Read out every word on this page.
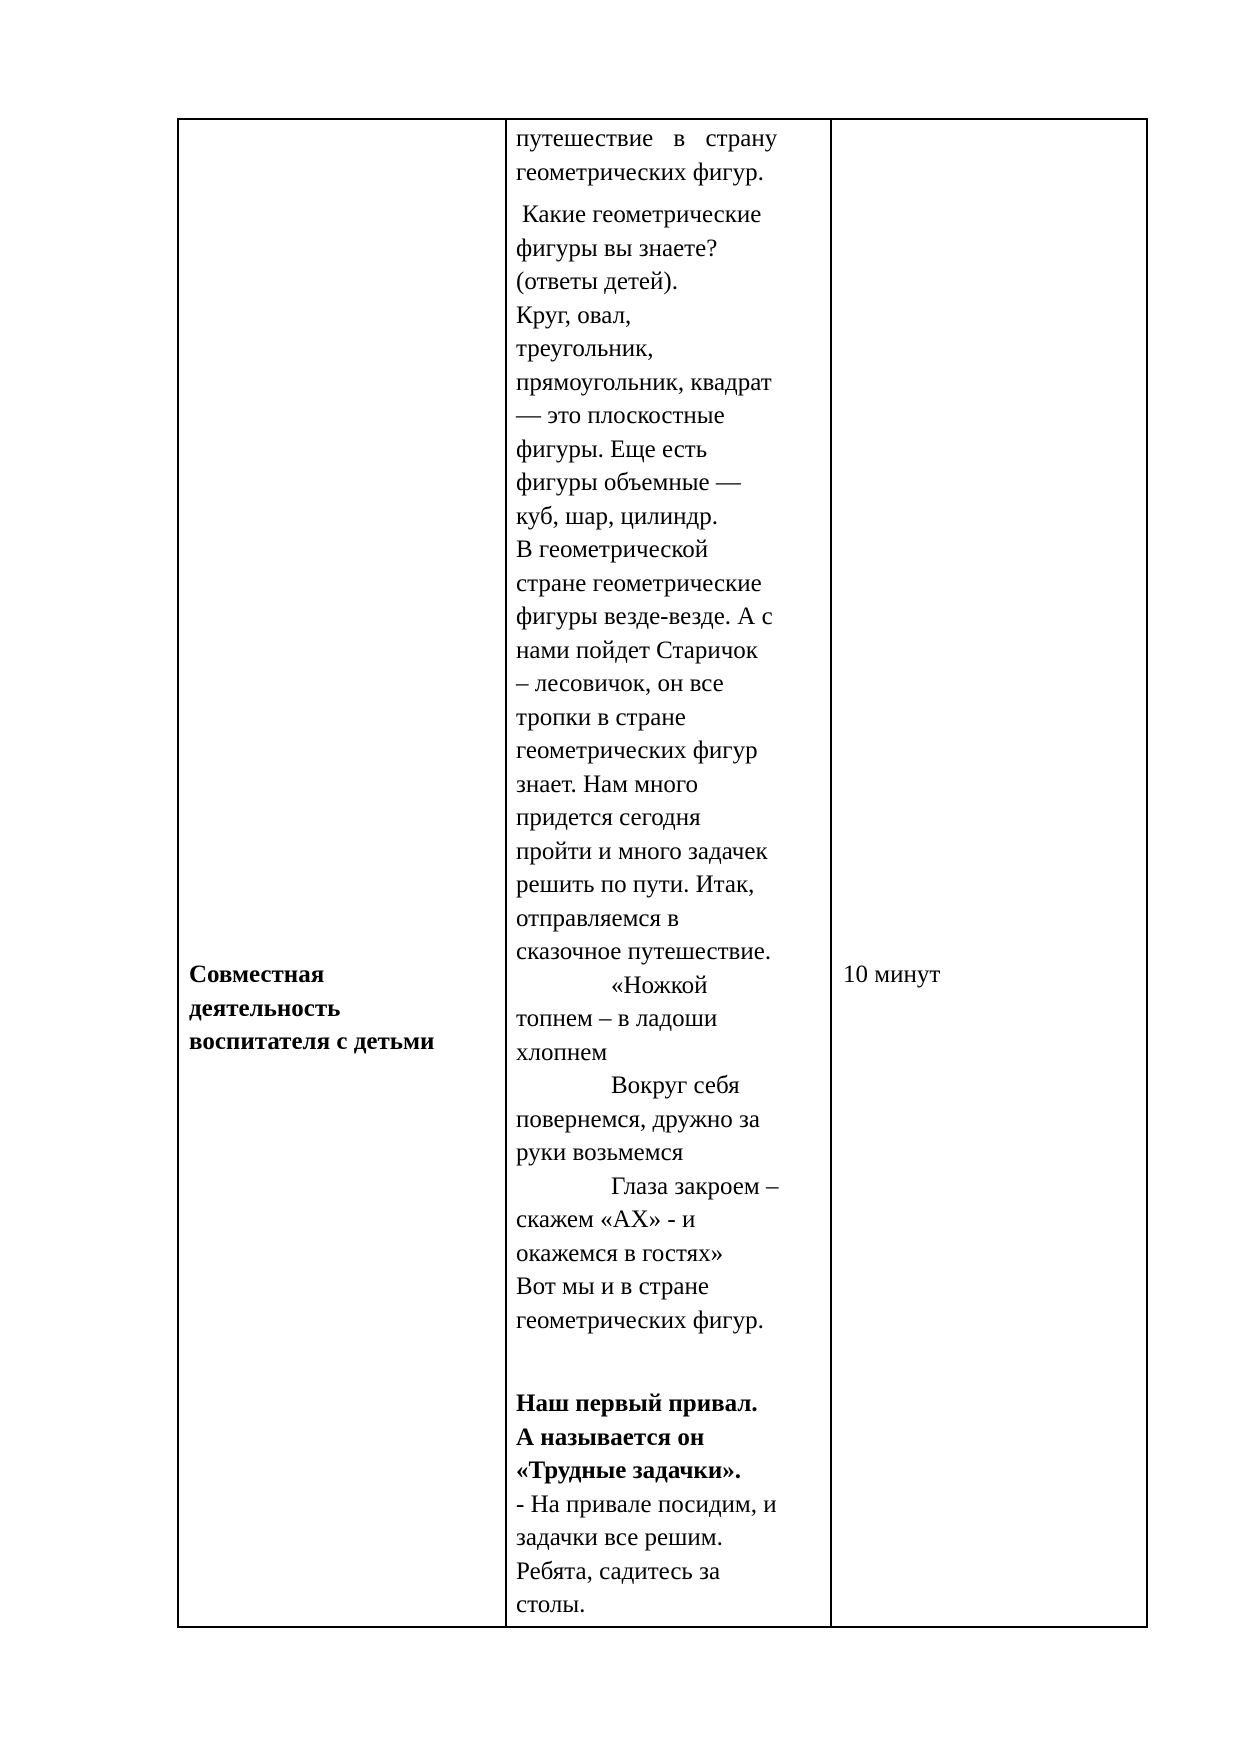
Совместная
деятельность
воспитателя с детьми
путешествие в страну
геометрических фигур.
Какие геометрические
фигуры вы знаете?
(ответы детей).
Круг, овал,
треугольник,
прямоугольник, квадрат
— это плоскостные
фигуры. Еще есть
фигуры объемные —
куб, шар, цилиндр.
В геометрической
стране геометрические
фигуры везде-везде. А с
нами пойдет Старичок
– лесовичок, он все
тропки в стране
геометрических фигур
знает. Нам много
придется сегодня
пройти и много задачек
решить по пути. Итак,
отправляемся в
сказочное путешествие.
«Ножкой
топнем – в ладоши
хлопнем
Вокруг себя
повернемся, дружно за
руки возьмемся
Глаза закроем –
скажем «АХ» - и
окажемся в гостях»
Вот мы и в стране
геометрических фигур.
Наш первый привал.
А называется он
«Трудные задачки».
- На привале посидим, и
задачки все решим.
Ребята, садитесь за
столы.
10 минут
